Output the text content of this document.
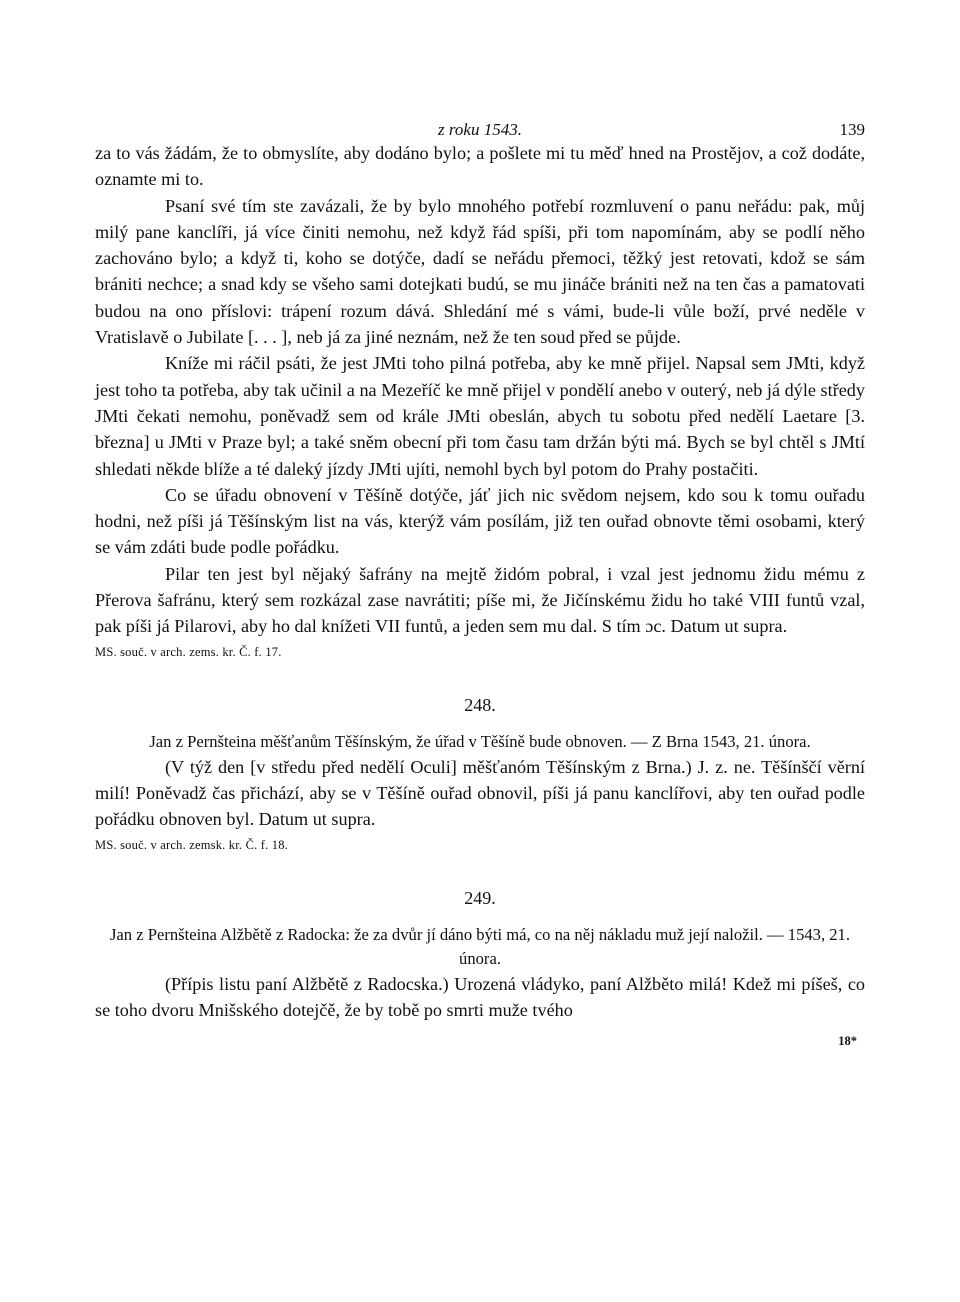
z roku 1543.	139

za to vás žádám, že to obmyslíte, aby dodáno bylo; a pošlete mi tu měď hned na Prostějov, a což dodáte, oznamte mi to.

Psaní své tím ste zavázali, že by bylo mnohého potřebí rozmluvení o panu neřádu: pak, můj milý pane kanclíři, já více činiti nemohu, než když řád spíši, při tom napomínám, aby se podlí něho zachováno bylo; a když ti, koho se dotýče, dadí se neřádu přemoci, těžký jest retovati, kdož se sám brániti nechce; a snad kdy se všeho sami dotejkati budú, se mu jináče brániti než na ten čas a pamatovati budou na ono příslovi: trápení rozum dává. Shledání mé s vámi, bude-li vůle boží, prvé neděle v Vratislavě o Jubilate [. . . ], neb já za jiné neznám, než že ten soud před se půjde.

Kníže mi ráčil psáti, že jest JMti toho pilná potřeba, aby ke mně přijel. Napsal sem JMti, když jest toho ta potřeba, aby tak učinil a na Mezeříč ke mně přijel v pondělí anebo v outerý, neb já dýle středy JMti čekati nemohu, poněvadž sem od krále JMti obeslán, abych tu sobotu před nedělí Laetare [3. března] u JMti v Praze byl; a také sněm obecní při tom času tam držán býti má. Bych se byl chtěl s JMtí shledati někde blíže a té daleký jízdy JMti ujíti, nemohl bych byl potom do Prahy postačiti.

Co se úřadu obnovení v Těšíně dotýče, jáť jich nic svědom nejsem, kdo sou k tomu ouřadu hodni, než píši já Těšínským list na vás, kterýž vám posílám, již ten ouřad obnovte těmi osobami, který se vám zdáti bude podle pořádku.

Pilar ten jest byl nějaký šafrány na mejtě židóm pobral, i vzal jest jednomu židu mému z Přerova šafránu, který sem rozkázal zase navrátiti; píše mi, že Jičínskému židu ho také VIII funtů vzal, pak píši já Pilarovi, aby ho dal knížeti VII funtů, a jeden sem mu dal. S tím ɔc. Datum ut supra.

MS. souč. v arch. zems. kr. Č. f. 17.

248.

Jan z Pernšteina měšťanům Těšínským, že úřad v Těšíně bude obnoven. — Z Brna 1543, 21. února.

(V týž den [v středu před nedělí Oculi] měšťanóm Těšínským z Brna.) J. z. ne. Těšínščí věrní milí! Poněvadž čas přichází, aby se v Těšíně ouřad obnovil, píši já panu kanclířovi, aby ten ouřad podle pořádku obnoven byl. Datum ut supra.

MS. souč. v arch. zemsk. kr. Č. f. 18.

249.

Jan z Pernšteina Alžbětě z Radocka: že za dvůr jí dáno býti má, co na něj nákladu muž její naložil. — 1543, 21. února.

(Přípis listu paní Alžbětě z Radocska.) Urozená vládyko, paní Alžběto milá! Kdež mi píšeš, co se toho dvoru Mnišského dotejčě, že by tobě po smrti muže tvého

18*
